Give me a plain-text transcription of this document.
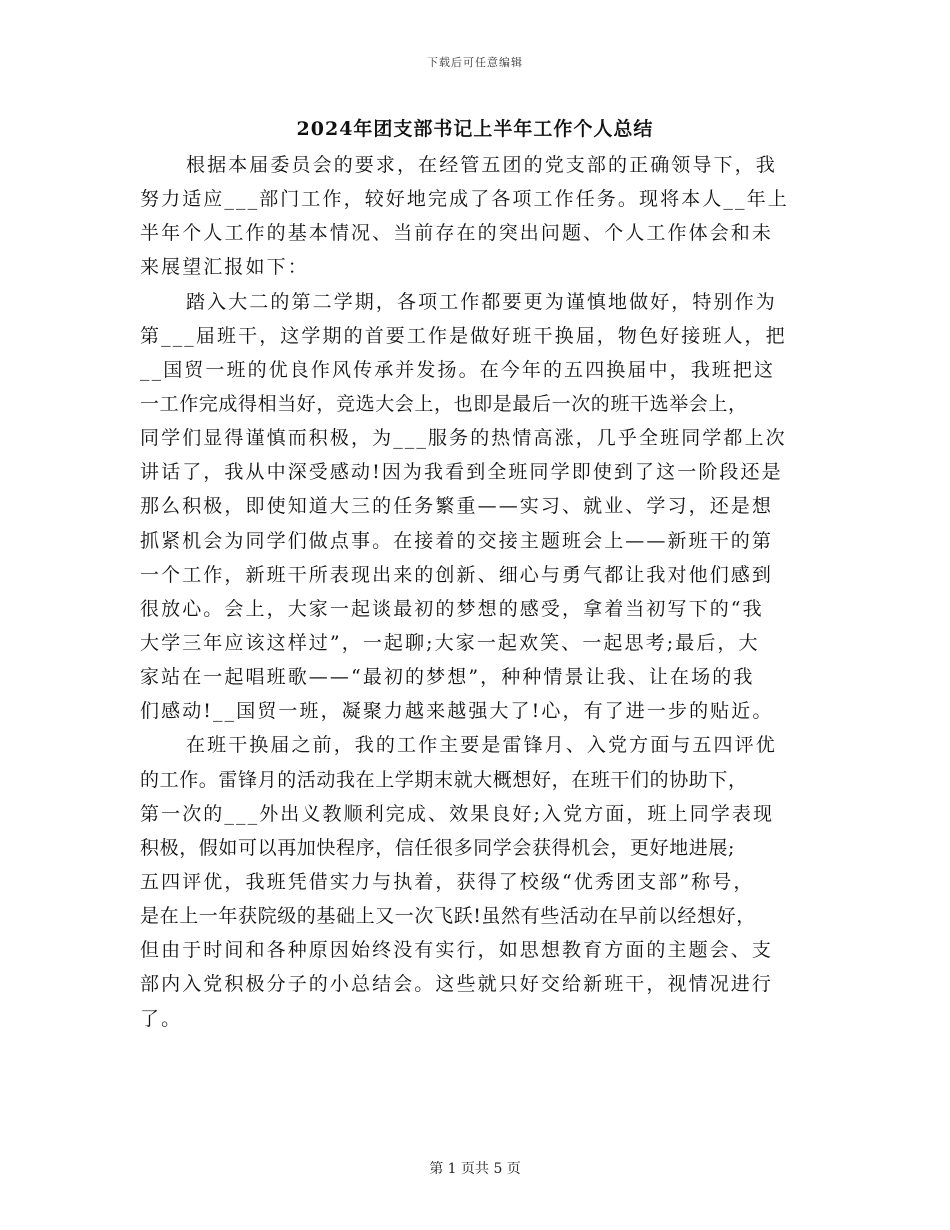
下载后可任意编辑
2024年团支部书记上半年工作个人总结
根据本届委员会的要求，在经管五团的党支部的正确领导下，我
努力适应___部门工作，较好地完成了各项工作任务。现将本人__年上
半年个人工作的基本情况、当前存在的突出问题、个人工作体会和未
来展望汇报如下：
踏入大二的第二学期，各项工作都要更为谨慎地做好，特别作为
第___届班干，这学期的首要工作是做好班干换届，物色好接班人，把
__国贸一班的优良作风传承并发扬。在今年的五四换届中，我班把这
一工作完成得相当好，竞选大会上，也即是最后一次的班干选举会上，
同学们显得谨慎而积极，为___服务的热情高涨，几乎全班同学都上次
讲话了，我从中深受感动!因为我看到全班同学即使到了这一阶段还是
那么积极，即使知道大三的任务繁重——实习、就业、学习，还是想
抓紧机会为同学们做点事。在接着的交接主题班会上——新班干的第
一个工作，新班干所表现出来的创新、细心与勇气都让我对他们感到
很放心。会上，大家一起谈最初的梦想的感受，拿着当初写下的“我
大学三年应该这样过”，一起聊;大家一起欢笑、一起思考;最后，大
家站在一起唱班歌——“最初的梦想”，种种情景让我、让在场的我
们感动!__国贸一班，凝聚力越来越强大了!心，有了进一步的贴近。
在班干换届之前，我的工作主要是雷锋月、入党方面与五四评优
的工作。雷锋月的活动我在上学期末就大概想好，在班干们的协助下，
第一次的___外出义教顺利完成、效果良好;入党方面，班上同学表现
积极，假如可以再加快程序，信任很多同学会获得机会，更好地进展;
五四评优，我班凭借实力与执着，获得了校级“优秀团支部”称号，
是在上一年获院级的基础上又一次飞跃!虽然有些活动在早前以经想好，
但由于时间和各种原因始终没有实行，如思想教育方面的主题会、支
部内入党积极分子的小总结会。这些就只好交给新班干，视情况进行
了。
第 1 页共 5 页
